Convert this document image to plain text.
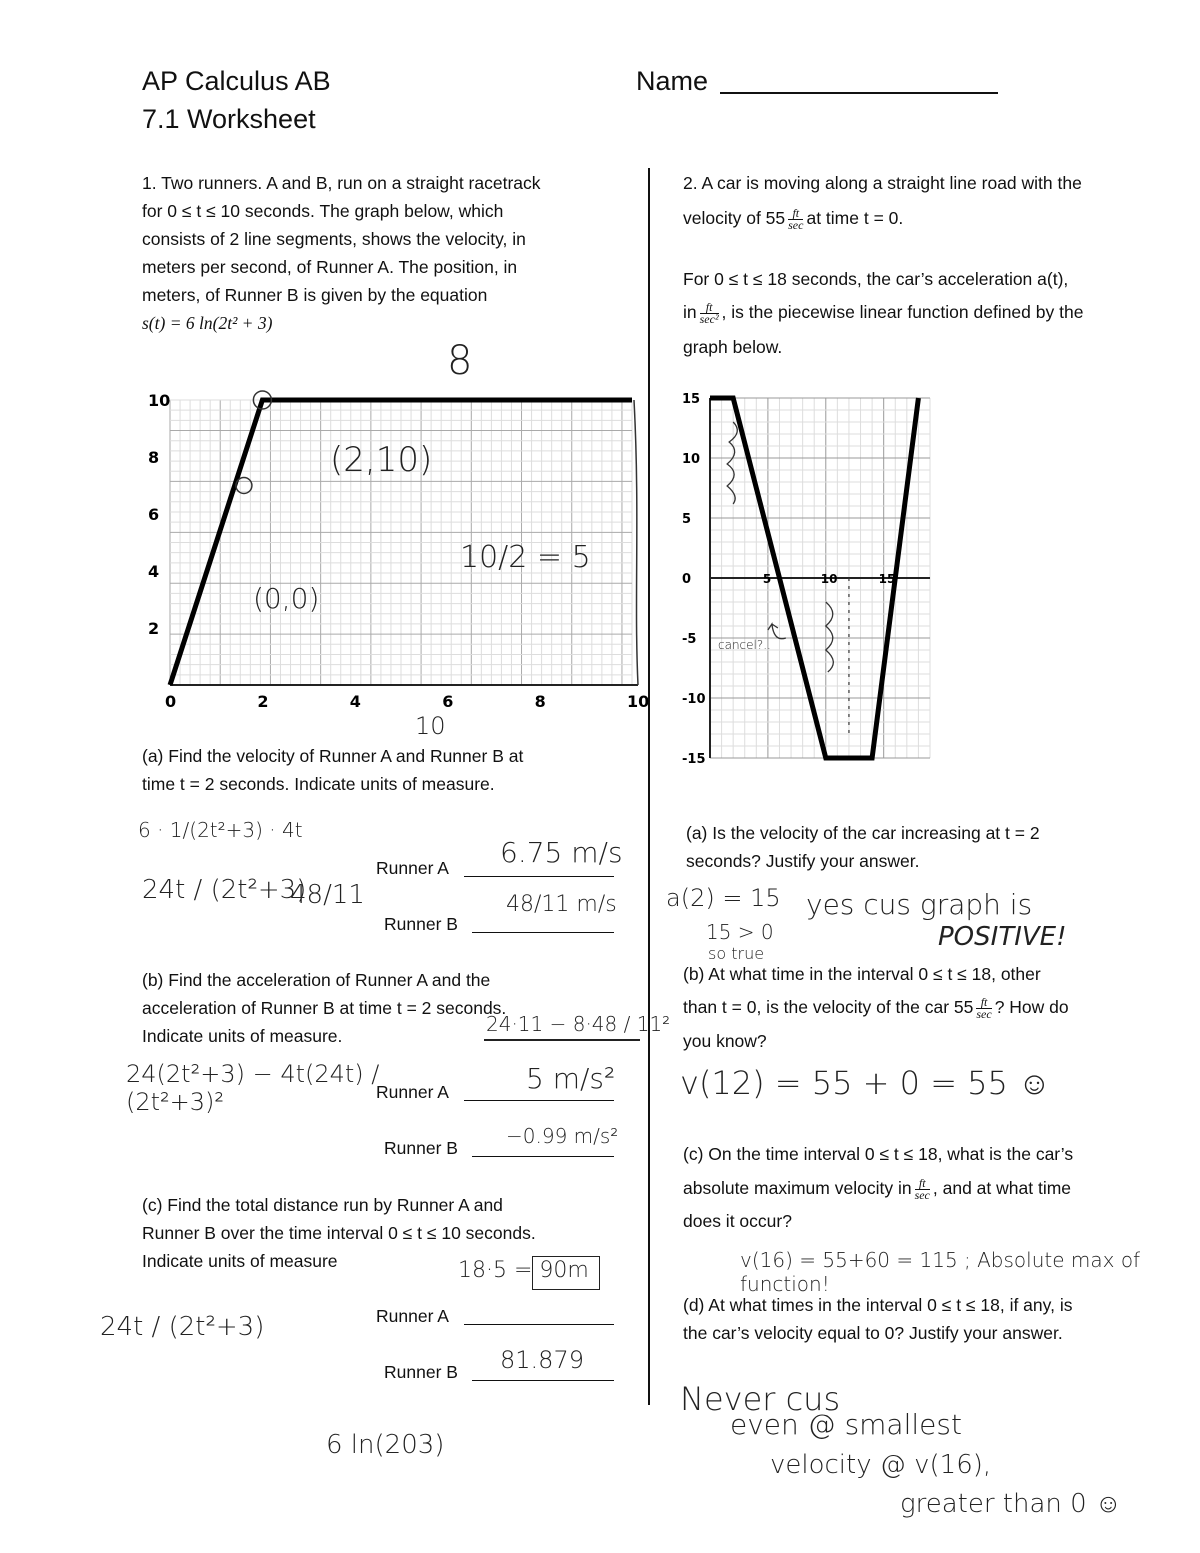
AP Calculus AB
7.1 Worksheet
Name
1. Two runners. A and B, run on a straight racetrack
for 0 ≤ t ≤ 10 seconds. The graph below, which
consists of 2 line segments, shows the velocity, in
meters per second, of Runner A. The position, in
meters, of Runner B is given by the equation
s(t) = 6 ln(2t² + 3)
10
8
6
4
2
0	2	4	6	8	10
8
(2,10)
(0,0)
10/2 = 5
10
(a) Find the velocity of Runner A and Runner B at
time t = 2 seconds. Indicate units of measure.
6 · 1/(2t²+3) · 4t
24t / (2t²+3)
48/11
Runner A 6.75 m/s
Runner B
48/11 m/s
(b) Find the acceleration of Runner A and the
acceleration of Runner B at time t = 2 seconds.
Indicate units of measure.	24·11 − 8·48 / 11²
24(2t²+3) − 4t(24t) / (2t²+3)²	Runner A	5 m/s²
Runner B −0.99 m/s²
(c) Find the total distance run by Runner A and
Runner B over the time interval 0 ≤ t ≤ 10 seconds.
Indicate units of measure	18·5 = 90m
24t / (2t²+3)	Runner A
Runner B 81.879
6 ln(203)
2. A car is moving along a straight line road with the
velocity of $55 \frac{ft}{\sec}$ at time t = 0.
For 0 ≤ t ≤ 18 seconds, the car’s acceleration a(t),
in $\frac{ft}{\text{sec²}}$ , is the piecewise linear function defined by the
graph below.
15
10
5
0
-5
-10
-15
5	10	15
cancel?..
(a) Is the velocity of the car increasing at t = 2
seconds? Justify your answer.
a(2) = 15
15 > 0
so true
yes cus graph is
POSITIVE!
(b) At what time in the interval 0 ≤ t ≤ 18, other
than t = 0, is the velocity of the car $55 \frac{ft}{\sec}$ ? How do
you know?
v(12) = 55 + 0 = 55 ☺
(c) On the time interval 0 ≤ t ≤ 18, what is the car’s
absolute maximum velocity in $\frac{ft}{\sec}$ , and at what time
does it occur?
v(16) = 55+60 = 115 ; Absolute max of function!
(d) At what times in the interval 0 ≤ t ≤ 18, if any, is
the car’s velocity equal to 0? Justify your answer.
Never cus
even @ smallest
velocity @ v(16),
greater than 0 ☺
